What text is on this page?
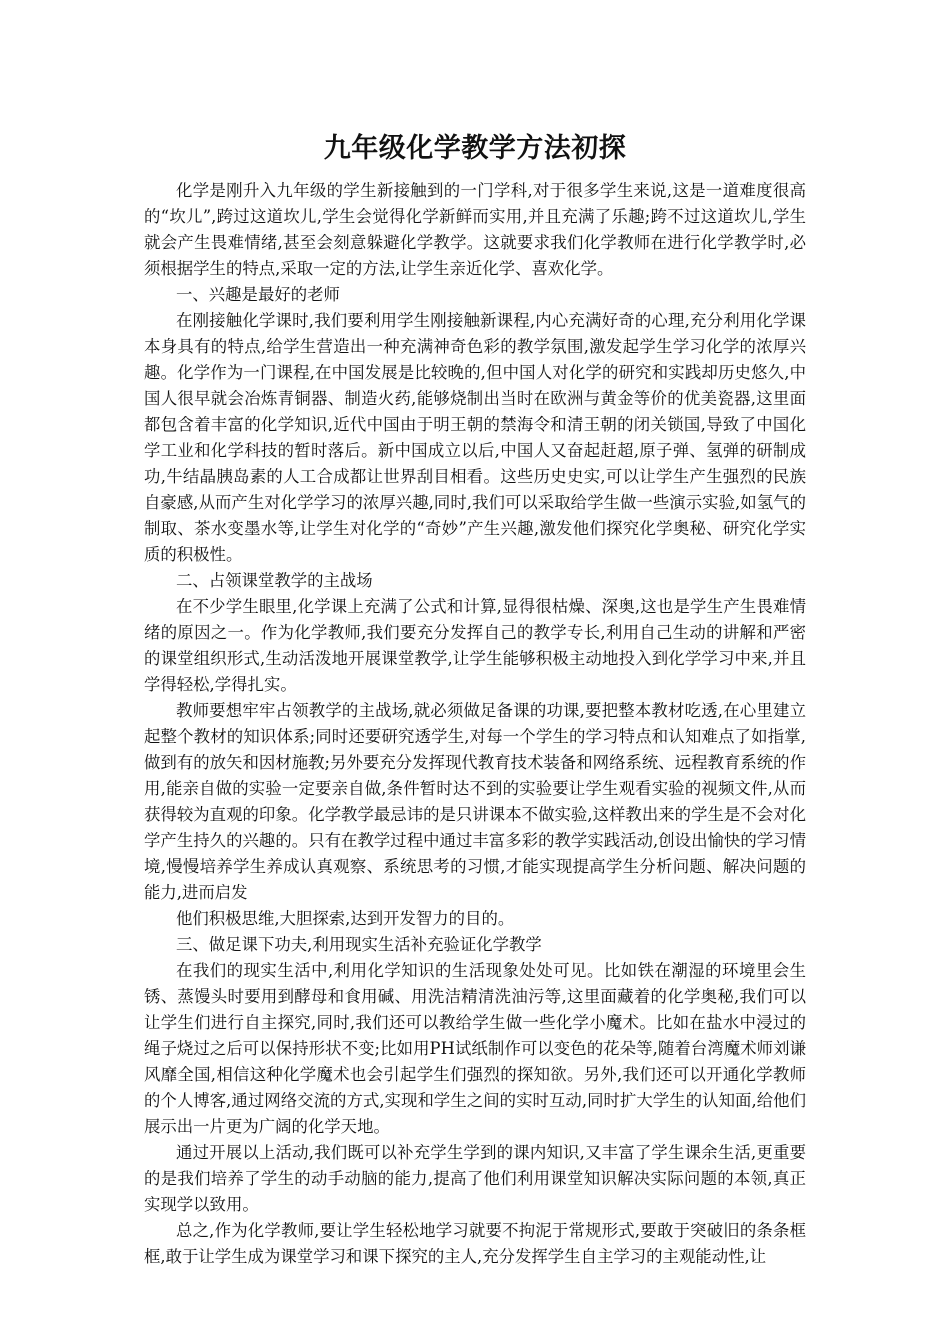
九年级化学教学方法初探

化学是刚升入九年级的学生新接触到的一门学科,对于很多学生来说,这是一道难度很高的“坎儿”,跨过这道坎儿,学生会觉得化学新鲜而实用,并且充满了乐趣;跨不过这道坎儿,学生就会产生畏难情绪,甚至会刻意躲避化学教学。这就要求我们化学教师在进行化学教学时,必须根据学生的特点,采取一定的方法,让学生亲近化学、喜欢化学。

一、兴趣是最好的老师

在刚接触化学课时,我们要利用学生刚接触新课程,内心充满好奇的心理,充分利用化学课本身具有的特点,给学生营造出一种充满神奇色彩的教学氛围,激发起学生学习化学的浓厚兴趣。化学作为一门课程,在中国发展是比较晚的,但中国人对化学的研究和实践却历史悠久,中国人很早就会冶炼青铜器、制造火药,能够烧制出当时在欧洲与黄金等价的优美瓷器,这里面都包含着丰富的化学知识,近代中国由于明王朝的禁海令和清王朝的闭关锁国,导致了中国化学工业和化学科技的暂时落后。新中国成立以后,中国人又奋起赶超,原子弹、氢弹的研制成功,牛结晶胰岛素的人工合成都让世界刮目相看。这些历史史实,可以让学生产生强烈的民族自豪感,从而产生对化学学习的浓厚兴趣,同时,我们可以采取给学生做一些演示实验,如氢气的制取、茶水变墨水等,让学生对化学的“奇妙”产生兴趣,激发他们探究化学奥秘、研究化学实质的积极性。

二、占领课堂教学的主战场

在不少学生眼里,化学课上充满了公式和计算,显得很枯燥、深奥,这也是学生产生畏难情绪的原因之一。作为化学教师,我们要充分发挥自己的教学专长,利用自己生动的讲解和严密的课堂组织形式,生动活泼地开展课堂教学,让学生能够积极主动地投入到化学学习中来,并且学得轻松,学得扎实。

教师要想牢牢占领教学的主战场,就必须做足备课的功课,要把整本教材吃透,在心里建立起整个教材的知识体系;同时还要研究透学生,对每一个学生的学习特点和认知难点了如指掌,做到有的放矢和因材施教;另外要充分发挥现代教育技术装备和网络系统、远程教育系统的作用,能亲自做的实验一定要亲自做,条件暂时达不到的实验要让学生观看实验的视频文件,从而获得较为直观的印象。化学教学最忌讳的是只讲课本不做实验,这样教出来的学生是不会对化学产生持久的兴趣的。只有在教学过程中通过丰富多彩的教学实践活动,创设出愉快的学习情境,慢慢培养学生养成认真观察、系统思考的习惯,才能实现提高学生分析问题、解决问题的能力,进而启发

他们积极思维,大胆探索,达到开发智力的目的。

三、做足课下功夫,利用现实生活补充验证化学教学

在我们的现实生活中,利用化学知识的生活现象处处可见。比如铁在潮湿的环境里会生锈、蒸馒头时要用到酵母和食用碱、用洗洁精清洗油污等,这里面藏着的化学奥秘,我们可以让学生们进行自主探究,同时,我们还可以教给学生做一些化学小魔术。比如在盐水中浸过的绳子烧过之后可以保持形状不变;比如用PH试纸制作可以变色的花朵等,随着台湾魔术师刘谦风靡全国,相信这种化学魔术也会引起学生们强烈的探知欲。另外,我们还可以开通化学教师的个人博客,通过网络交流的方式,实现和学生之间的实时互动,同时扩大学生的认知面,给他们展示出一片更为广阔的化学天地。

通过开展以上活动,我们既可以补充学生学到的课内知识,又丰富了学生课余生活,更重要的是我们培养了学生的动手动脑的能力,提高了他们利用课堂知识解决实际问题的本领,真正实现学以致用。

总之,作为化学教师,要让学生轻松地学习就要不拘泥于常规形式,要敢于突破旧的条条框框,敢于让学生成为课堂学习和课下探究的主人,充分发挥学生自主学习的主观能动性,让
